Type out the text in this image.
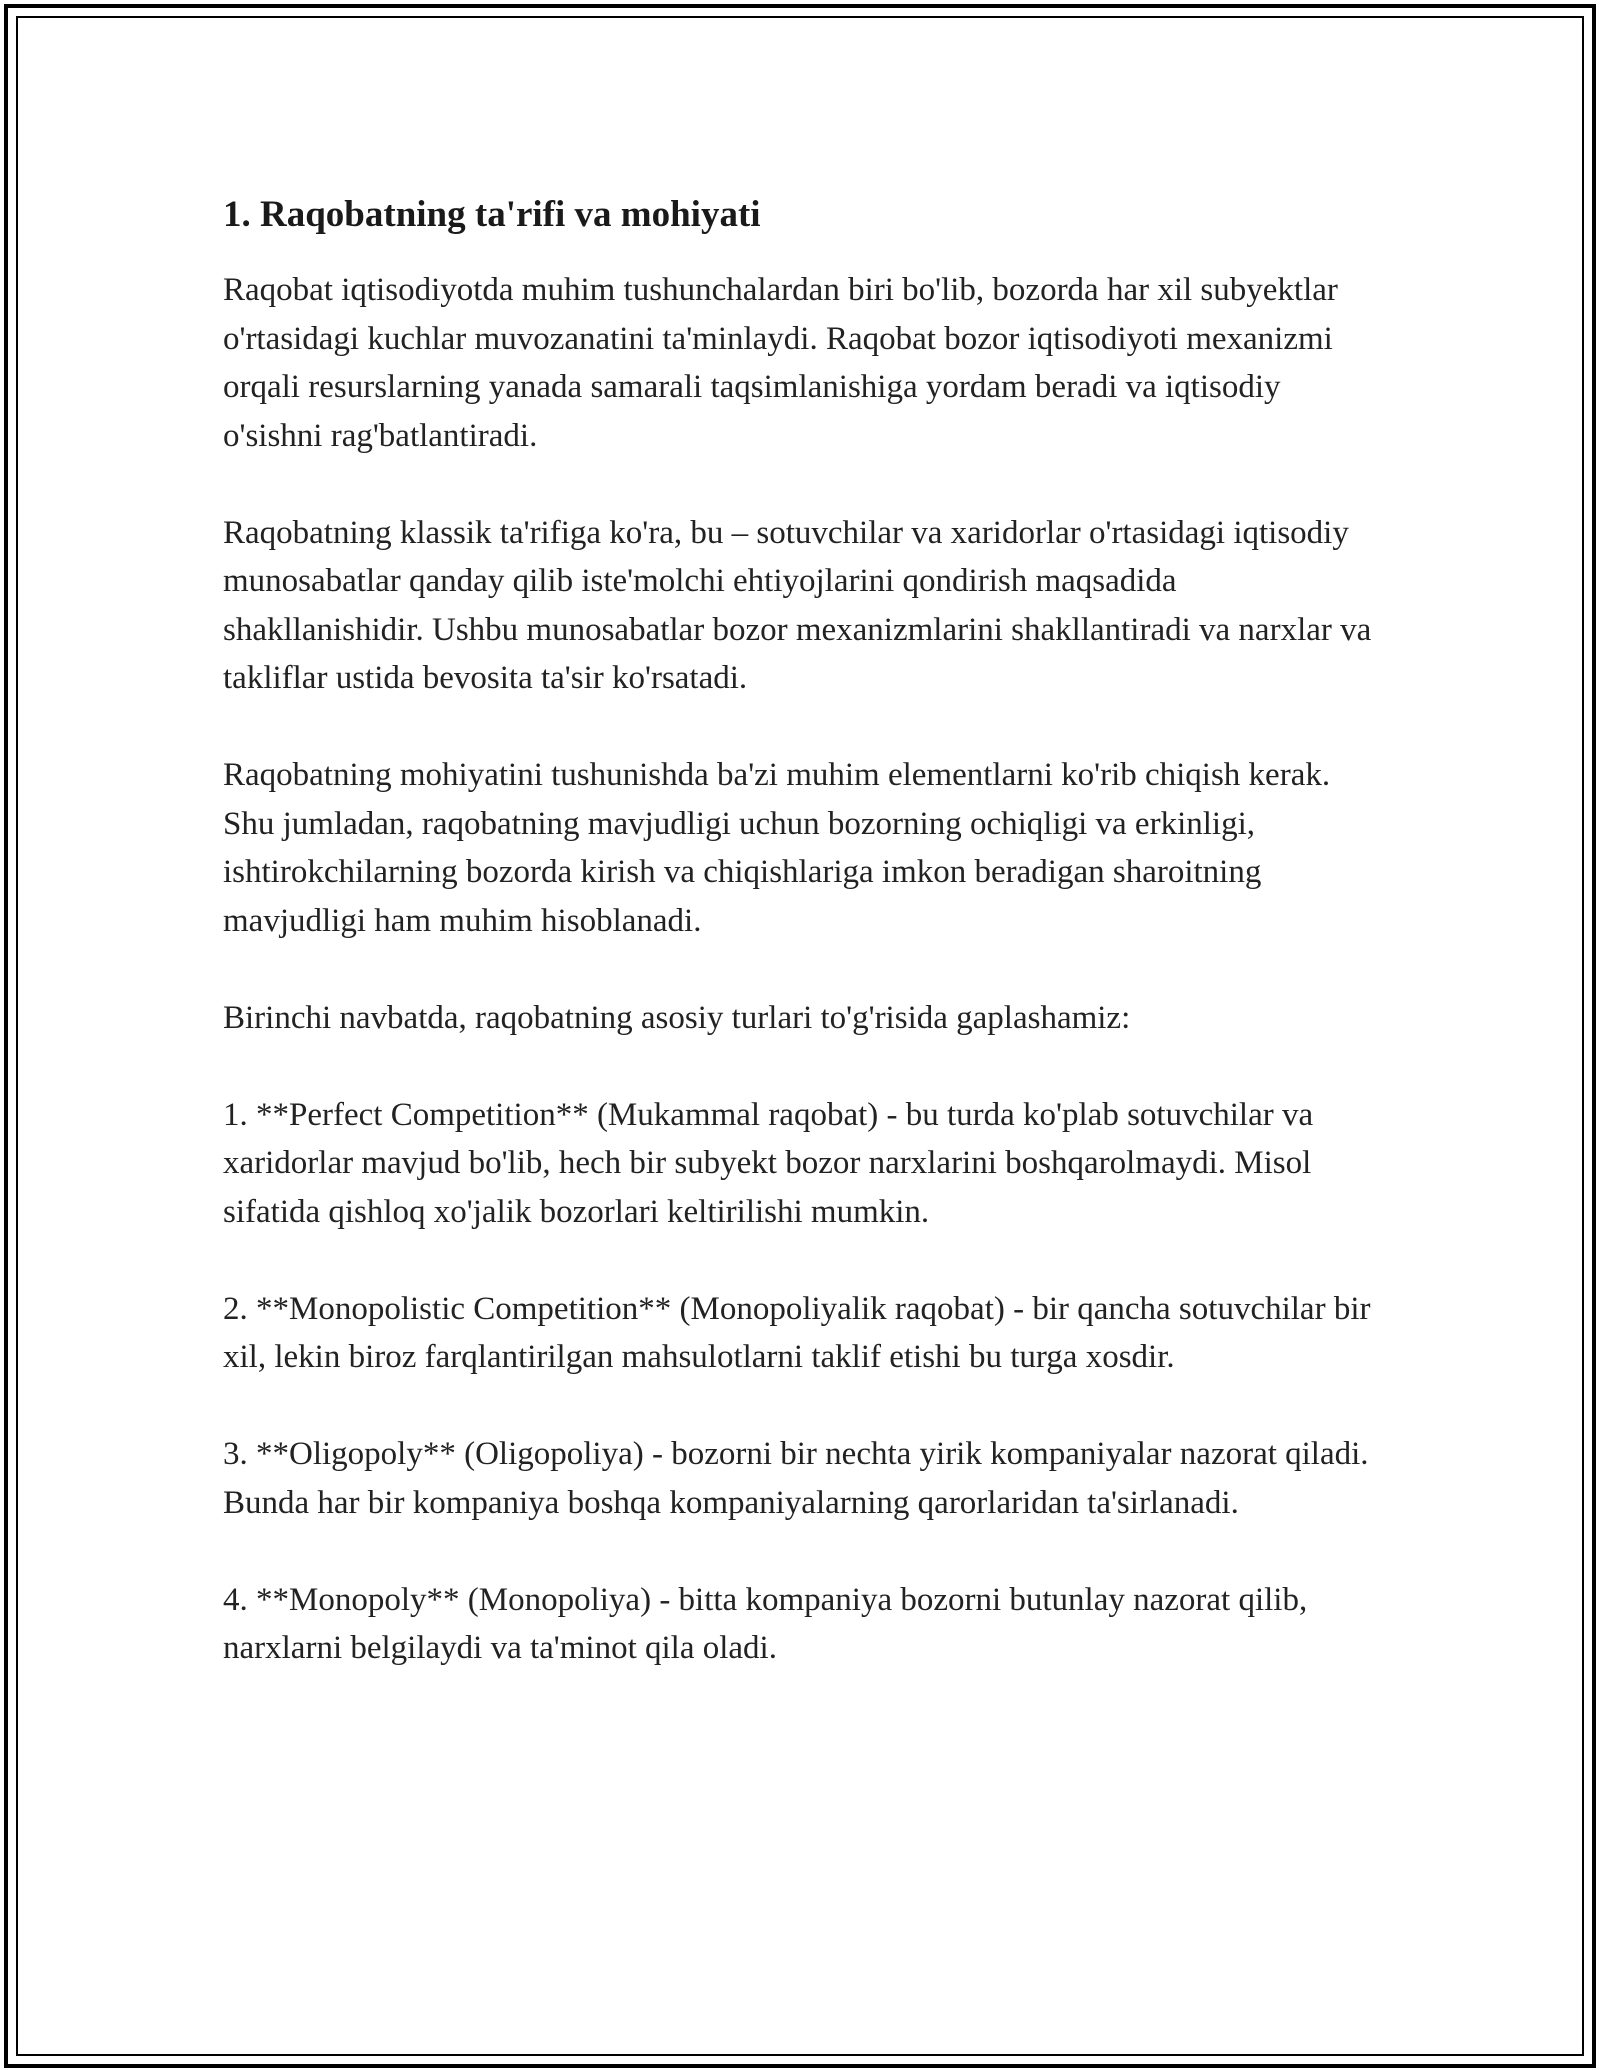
1. Raqobatning ta'rifi va mohiyati

Raqobat iqtisodiyotda muhim tushunchalardan biri bo'lib, bozorda har xil subyektlar o'rtasidagi kuchlar muvozanatini ta'minlaydi. Raqobat bozor iqtisodiyoti mexanizmi orqali resurslarning yanada samarali taqsimlanishiga yordam beradi va iqtisodiy o'sishni rag'batlantiradi.

Raqobatning klassik ta'rifiga ko'ra, bu – sotuvchilar va xaridorlar o'rtasidagi iqtisodiy munosabatlar qanday qilib iste'molchi ehtiyojlarini qondirish maqsadida shakllanishidir. Ushbu munosabatlar bozor mexanizmlarini shakllantiradi va narxlar va takliflar ustida bevosita ta'sir ko'rsatadi.

Raqobatning mohiyatini tushunishda ba'zi muhim elementlarni ko'rib chiqish kerak. Shu jumladan, raqobatning mavjudligi uchun bozorning ochiqligi va erkinligi, ishtirokchilarning bozorda kirish va chiqishlariga imkon beradigan sharoitning mavjudligi ham muhim hisoblanadi.

Birinchi navbatda, raqobatning asosiy turlari to'g'risida gaplashamiz:

1. **Perfect Competition** (Mukammal raqobat) - bu turda ko'plab sotuvchilar va xaridorlar mavjud bo'lib, hech bir subyekt bozor narxlarini boshqarolmaydi. Misol sifatida qishloq xo'jalik bozorlari keltirilishi mumkin.

2. **Monopolistic Competition** (Monopoliyalik raqobat) - bir qancha sotuvchilar bir xil, lekin biroz farqlantirilgan mahsulotlarni taklif etishi bu turga xosdir.

3. **Oligopoly** (Oligopoliya) - bozorni bir nechta yirik kompaniyalar nazorat qiladi. Bunda har bir kompaniya boshqa kompaniyalarning qarorlaridan ta'sirlanadi.

4. **Monopoly** (Monopoliya) - bitta kompaniya bozorni butunlay nazorat qilib, narxlarni belgilaydi va ta'minot qila oladi.
